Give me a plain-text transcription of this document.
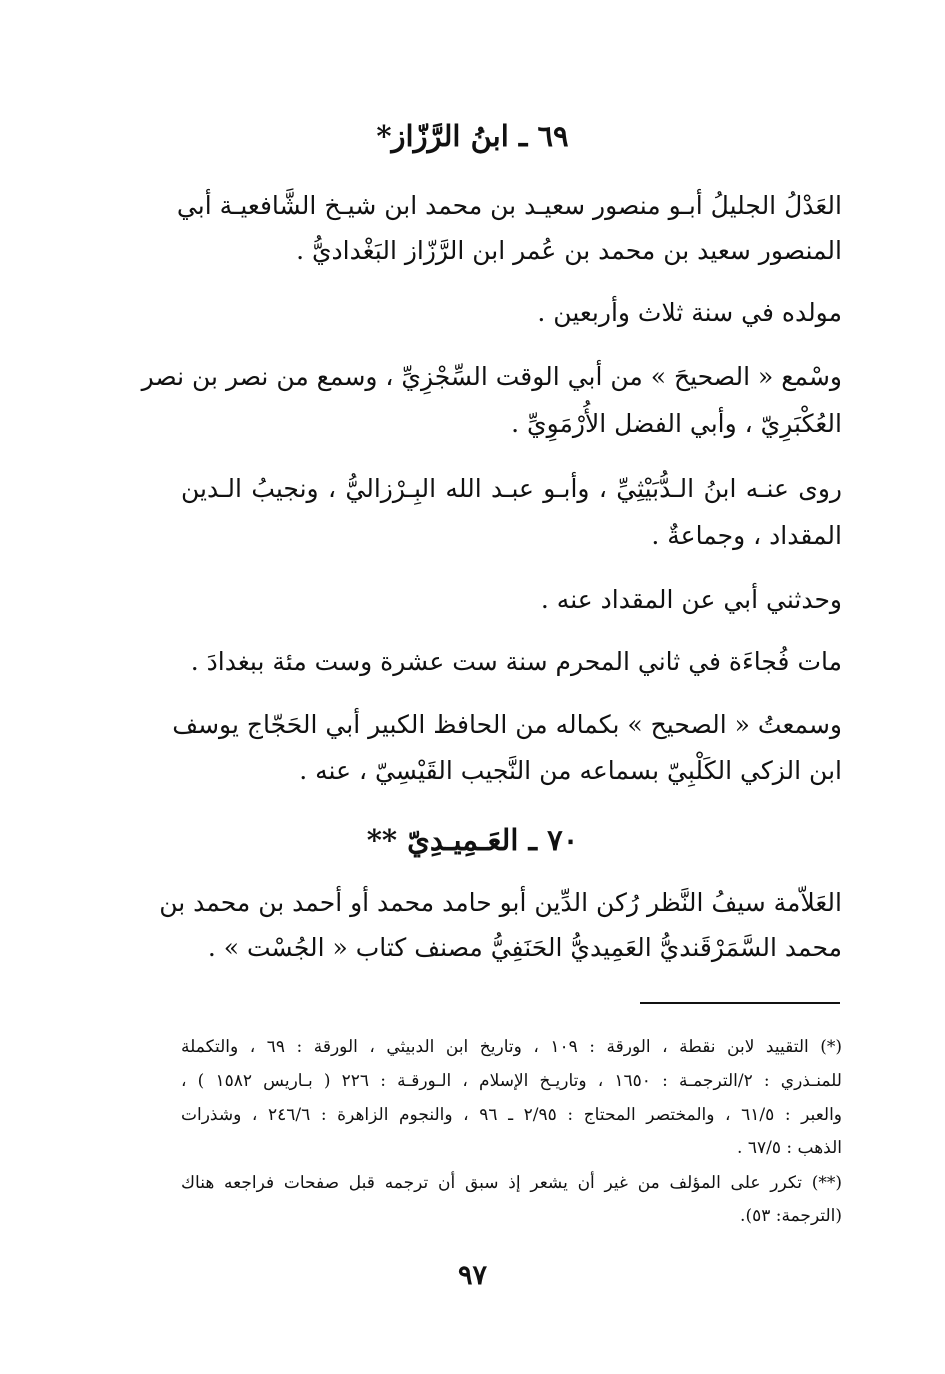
٦٩ ـ ابنُ الرَّزّاز*
العَدْلُ الجليلُ أبـو منصور سعيـد بن محمد ابن شيـخ الشَّافعيـة أبي
المنصور سعيد بن محمد بن عُمر ابن الرَّزّاز البَغْداديُّ .
مولده في سنة ثلاث وأربعين .
وسْمع « الصحيحَ » من أبي الوقت السِّجْزِيِّ ، وسمع من نصر بن نصر
العُكْبَرِيّ ، وأبي الفضل الأُرْمَوِيِّ .
روى عنـه ابنُ الـدُّبَيْثِيِّ ، وأبـو عبـد الله البِـرْزاليُّ ، ونجيبُ الـدين
المقداد ، وجماعةٌ .
وحدثني أبي عن المقداد عنه .
مات فُجاءَة في ثاني المحرم سنة ست عشرة وست مئة ببغدادَ .
وسمعتُ « الصحيح » بكماله من الحافظ الكبير أبي الحَجّاج يوسف
ابن الزكي الكَلْبِيّ بسماعه من النَّجيب القَيْسِيّ ، عنه .
٧٠ ـ العَـمِيـدِيّ **
العَلاّمة سيفُ النَّظر رُكن الدِّين أبو حامد محمد أو أحمد بن محمد بن
محمد السَّمَرْقَنديُّ العَمِيديُّ الحَنَفِيُّ مصنف كتاب « الجُسْت » .
(*) التقييد لابن نقطة ، الورقة : ١٠٩ ، وتاريخ ابن الدبيثي ، الورقة : ٦٩ ، والتكملة
للمنـذري : ٢/الترجمـة : ١٦٥٠ ، وتاريـخ الإسلام ، الـورقـة : ٢٢٦ ( بـاريس ١٥٨٢ ) ،
والعبر : ٦١/٥ ، والمختصر المحتاج : ٢/٩٥ ـ ٩٦ ، والنجوم الزاهرة : ٢٤٦/٦ ، وشذرات
الذهب : ٦٧/٥ .
(**) تكرر على المؤلف من غير أن يشعر إذ سبق أن ترجمه قبل صفحات فراجعه هناك
(الترجمة: ٥٣).
٩٧
